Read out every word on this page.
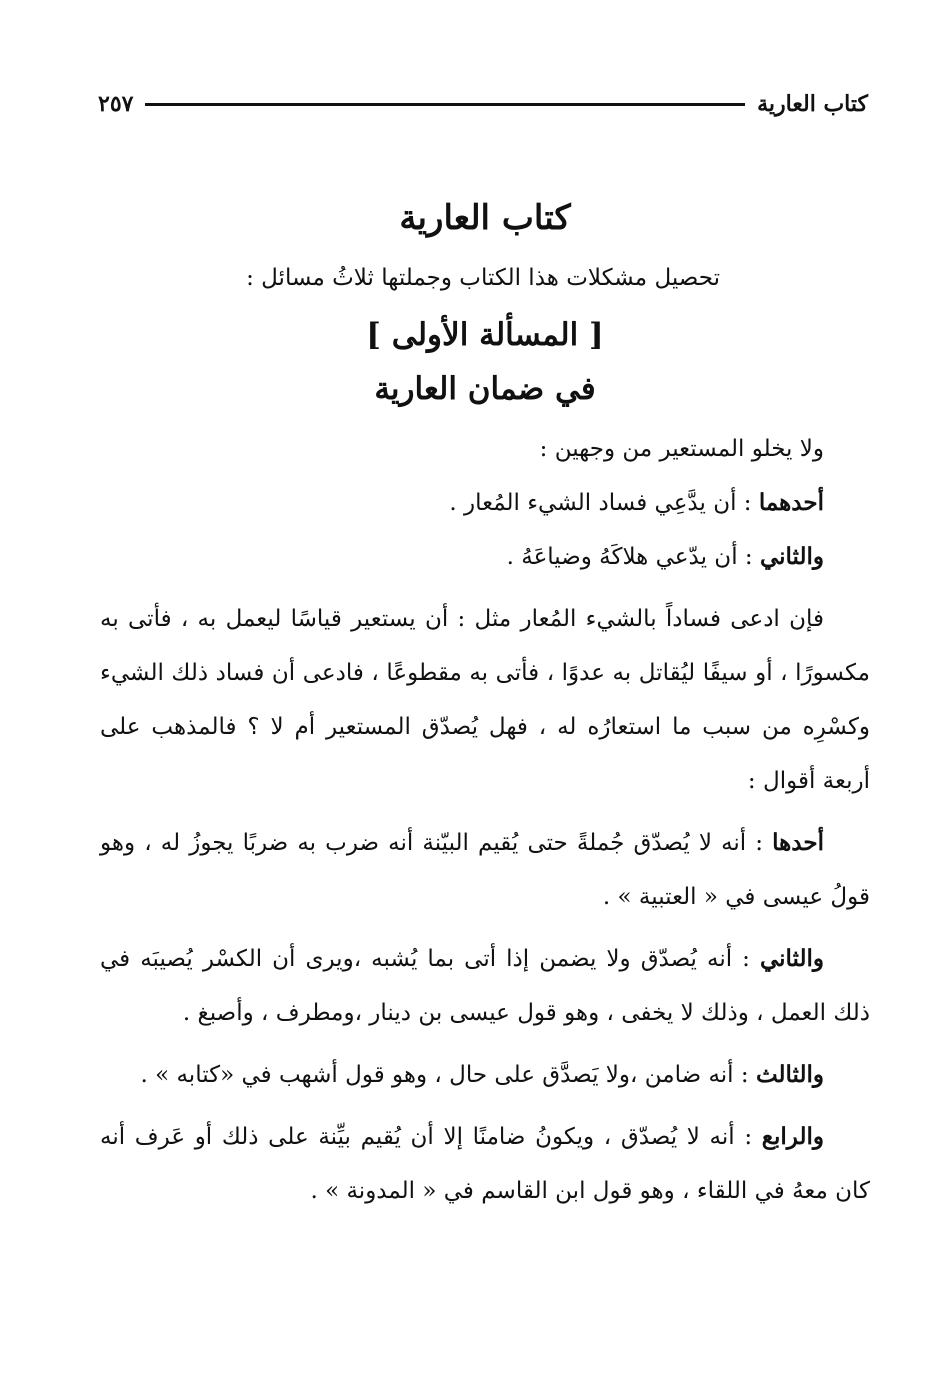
كتاب العارية
٢٥٧
كتاب العارية

تحصيل مشكلات هذا الكتاب وجملتها ثلاثُ مسائل :

[ المسألة الأولى ]
في ضمان العارية

ولا يخلو المستعير من وجهين :

أحدهما : أن يدَّعِي فساد الشيء المُعار .

والثاني : أن يدّعي هلاكَهُ وضياعَهُ .

فإن ادعى فساداً بالشيء المُعار مثل : أن يستعير قياسًا ليعمل به ، فأتى به مكسورًا ، أو سيفًا ليُقاتل به عدوًا ، فأتى به مقطوعًا ، فادعى أن فساد ذلك الشيء وكسْرِه من سبب ما استعارُه له ، فهل يُصدّق المستعير أم لا ؟ فالمذهب على أربعة أقوال :

أحدها : أنه لا يُصدّق جُملةً حتى يُقيم البيّنة أنه ضرب به ضربًا يجوزُ له ، وهو قولُ عيسى في « العتبية » .

والثاني : أنه يُصدّق ولا يضمن إذا أتى بما يُشبه ،ويرى أن الكسْر يُصيبَه في ذلك العمل ، وذلك لا يخفى ، وهو قول عيسى بن دينار ،ومطرف ، وأصبغ .

والثالث : أنه ضامن ،ولا يَصدَّق على حال ، وهو قول أشهب في «كتابه » .

والرابع : أنه لا يُصدّق ، ويكونُ ضامنًا إلا أن يُقيم بيِّنة على ذلك أو عَرف أنه كان معهُ في اللقاء ، وهو قول ابن القاسم في « المدونة » .
